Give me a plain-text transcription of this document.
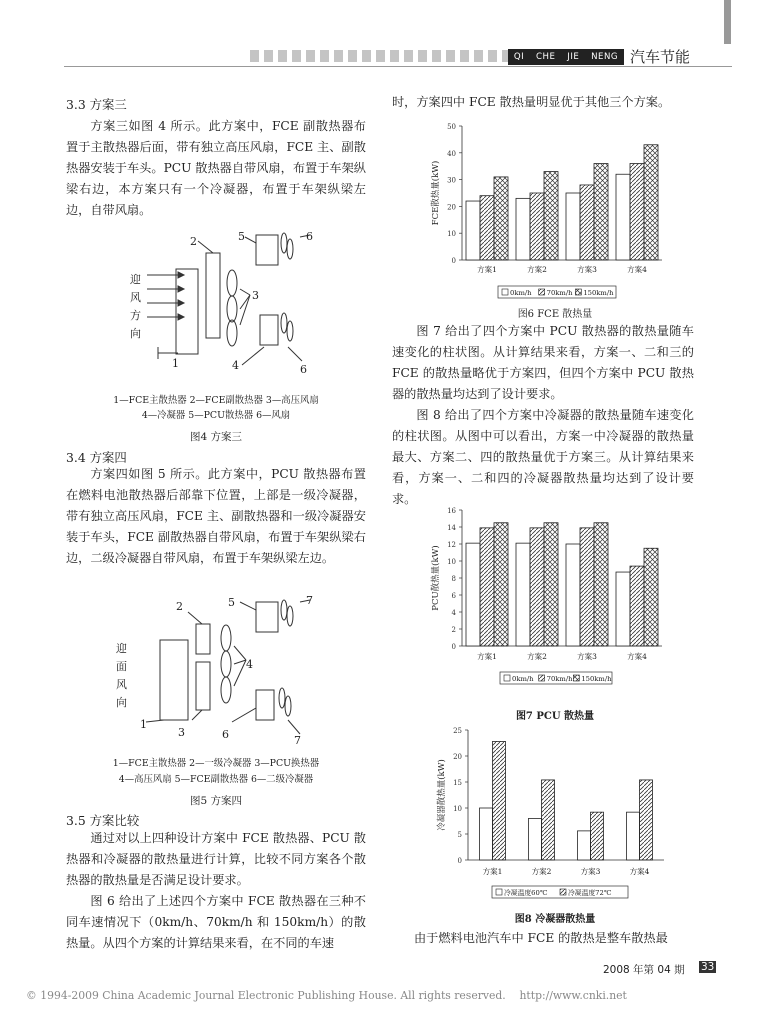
QI CHE JIE NENG 汽车节能
3.3 方案三

方案三如图 4 所示。此方案中，FCE 副散热器布置于主散热器后面，带有独立高压风扇，FCE 主、副散热器安装于车头。PCU 散热器自带风扇，布置于车架纵梁右边，本方案只有一个冷凝器，布置于车架纵梁左边，自带风扇。

迎
风
方
向
1
2
3
4
5	6
6
1—FCE主散热器 2—FCE副散热器 3—高压风扇
4—冷凝器 5—PCU散热器 6—风扇
图4 方案三
3.4 方案四

方案四如图 5 所示。此方案中，PCU 散热器布置在燃料电池散热器后部靠下位置，上部是一级冷凝器，带有独立高压风扇，FCE 主、副散热器和一级冷凝器安装于车头，FCE 副散热器自带风扇，布置于车架纵梁右边，二级冷凝器自带风扇，布置于车架纵梁左边。

迎
面
风
向
1
2
3
4
5
6
7
7
1—FCE主散热器 2—一级冷凝器 3—PCU换热器
4—高压风扇 5—FCE副散热器 6—二级冷凝器
图5 方案四
3.5 方案比较

通过对以上四种设计方案中 FCE 散热器、PCU 散热器和冷凝器的散热量进行计算，比较不同方案各个散热器的散热量是否满足设计要求。

图 6 给出了上述四个方案中 FCE 散热器在三种不同车速情况下（0km/h、70km/h 和 150km/h）的散热量。从四个方案的计算结果来看，在不同的车速

时，方案四中 FCE 散热量明显优于其他三个方案。
0
10
20
30
40
50
FCE散热量(kW)
方案1	方案2	方案3	方案4
0km/h 70km/h 150km/h
图6 FCE 散热量

图 7 给出了四个方案中 PCU 散热器的散热量随车速变化的柱状图。从计算结果来看，方案一、二和三的 FCE 的散热量略优于方案四，但四个方案中 PCU 散热器的散热量均达到了设计要求。

图 8 给出了四个方案中冷凝器的散热量随车速变化的柱状图。从图中可以看出，方案一中冷凝器的散热量最大、方案二、四的散热量优于方案三。从计算结果来看，方案一、二和四的冷凝器散热量均达到了设计要求。

0
2
4
6
8
10
12
14
16
PCU散热量(kW)
方案1	方案2	方案3	方案4
0km/h 70km/h 150km/h
图7 PCU 散热量
0
5
10
15
20
25
冷凝器散热量(kW)
方案1	方案2	方案3	方案4
冷凝温度60℃	冷凝温度72℃
图8 冷凝器散热量
由于燃料电池汽车中 FCE 的散热是整车散热最
2008 年第 04 期 33
© 1994-2009 China Academic Journal Electronic Publishing House. All rights reserved.    http://www.cnki.net
